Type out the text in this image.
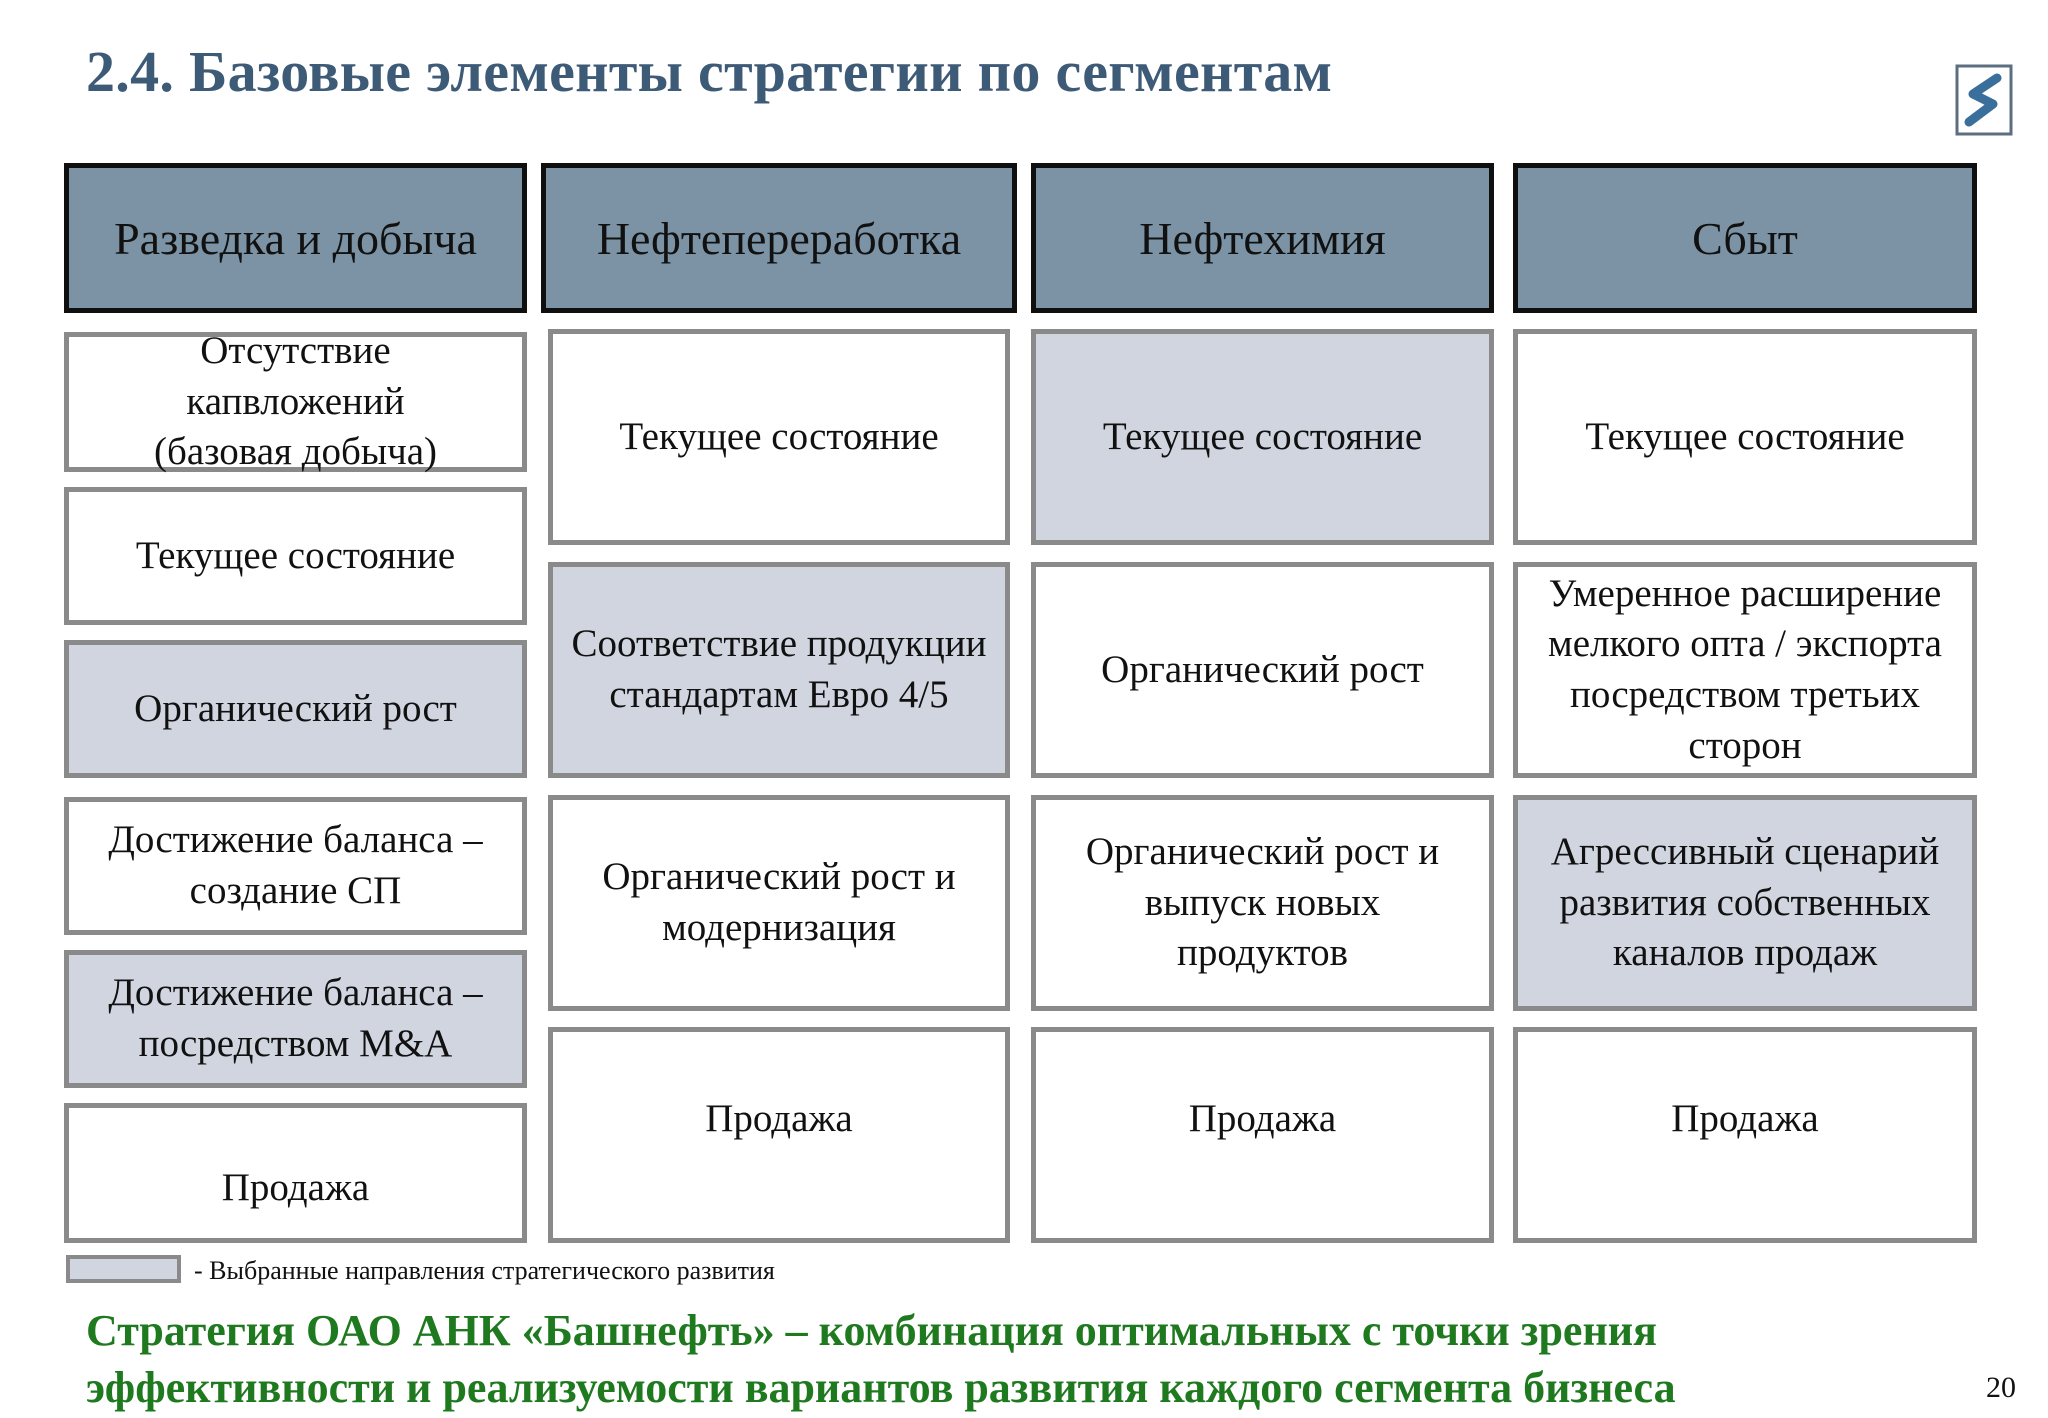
2.4. Базовые элементы стратегии по сегментам
Разведка и добыча
Отсутствие капвложений (базовая добыча)
Текущее состояние
Органический рост
Достижение баланса – создание СП
Достижение баланса – посредством M&A
Продажа
Нефтепереработка
Текущее состояние
Соответствие продукции стандартам Евро 4/5
Органический рост и модернизация
Продажа
Нефтехимия
Текущее состояние
Органический рост
Органический рост и выпуск новых продуктов
Продажа
Сбыт
Текущее состояние
Умеренное расширение мелкого опта / экспорта посредством третьих сторон
Агрессивный сценарий развития собственных каналов продаж
Продажа
- Выбранные направления стратегического развития
Стратегия ОАО АНК «Башнефть» – комбинация оптимальных с точки зрения
эффективности и реализуемости вариантов развития каждого сегмента бизнеса	20
